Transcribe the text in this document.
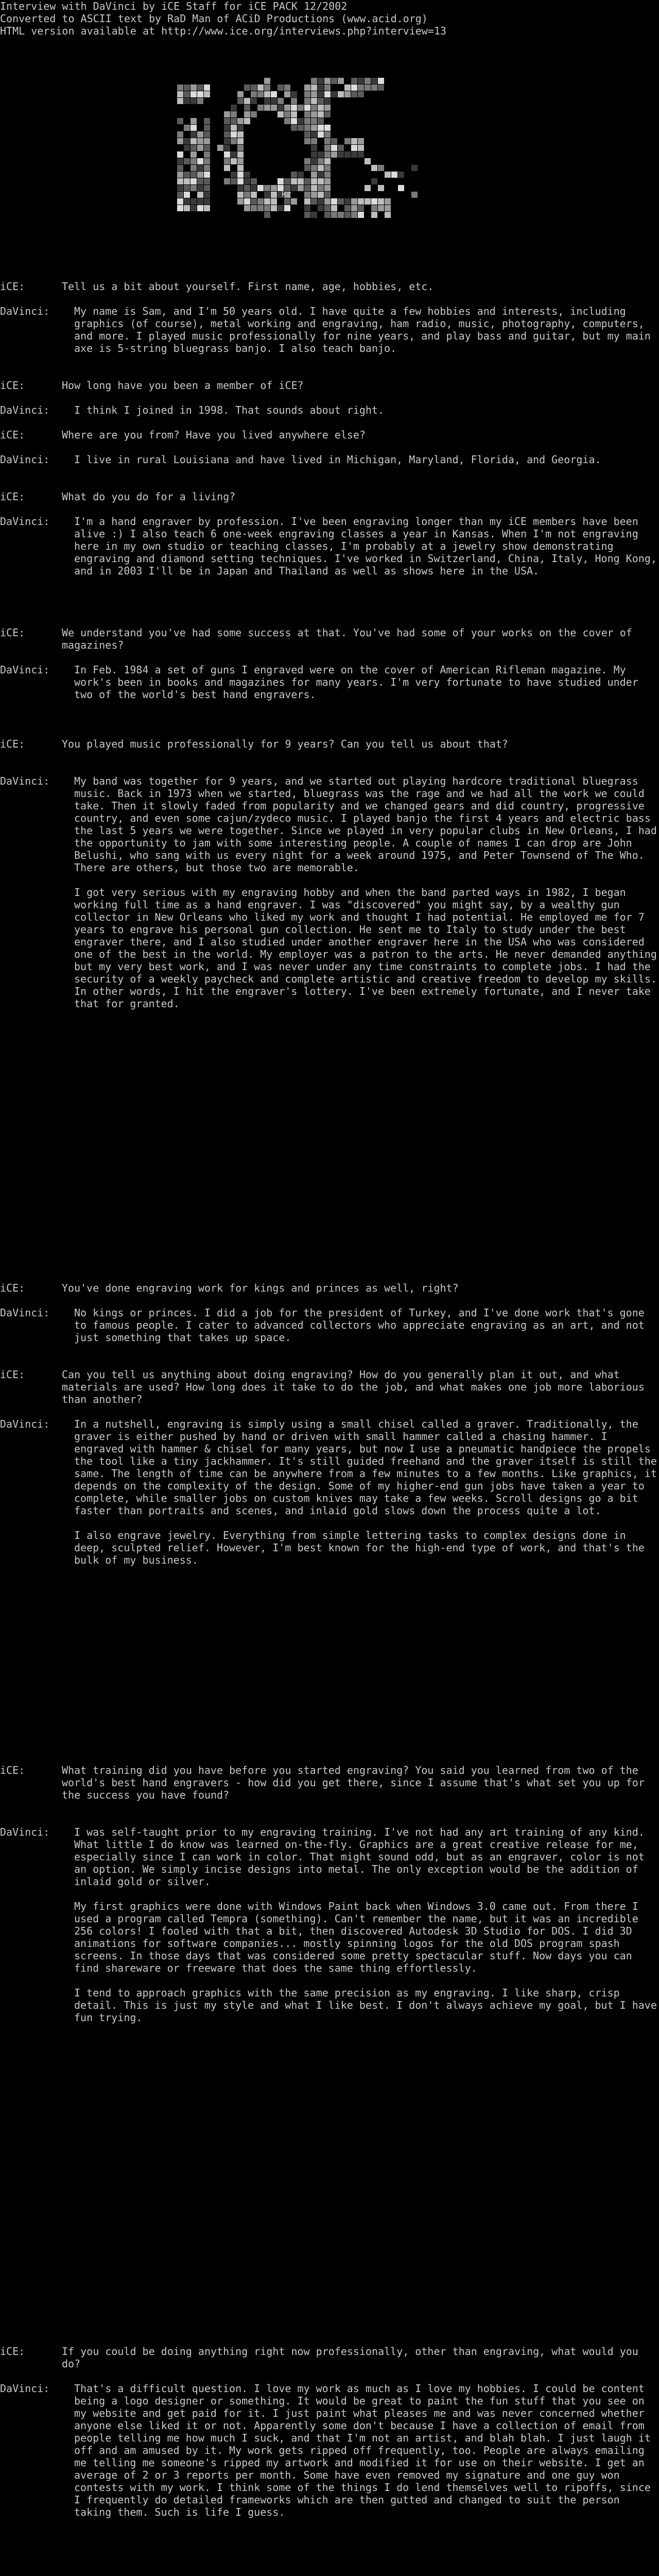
Interview with DaVinci by iCE Staff for iCE PACK 12/2002
Converted to ASCII text by RaD Man of ACiD Productions (www.acid.org)
HTML version available at http://www.ice.org/interviews.php?interview=13
kz
iCE:	Tell us a bit about yourself. First name, age, hobbies, etc.
DaVinci:	My name is Sam, and I'm 50 years old. I have quite a few hobbies and interests, including graphics (of course), metal working and engraving, ham radio, music, photography, computers, and more. I played music professionally for nine years, and play bass and guitar, but my main axe is 5-string bluegrass banjo. I also teach banjo.
iCE:	How long have you been a member of iCE?
DaVinci:	I think I joined in 1998. That sounds about right.
iCE:	Where are you from? Have you lived anywhere else?
DaVinci:	I live in rural Louisiana and have lived in Michigan, Maryland, Florida, and Georgia.
iCE:	What do you do for a living?
DaVinci:	I'm a hand engraver by profession. I've been engraving longer than my iCE members have been alive :) I also teach 6 one-week engraving classes a year in Kansas. When I'm not engraving here in my own studio or teaching classes, I'm probably at a jewelry show demonstrating engraving and diamond setting techniques. I've worked in Switzerland, China, Italy, Hong Kong, and in 2003 I'll be in Japan and Thailand as well as shows here in the USA.
iCE:	We understand you've had some success at that. You've had some of your works on the cover of magazines?
DaVinci:	In Feb. 1984 a set of guns I engraved were on the cover of American Rifleman magazine. My work's been in books and magazines for many years. I'm very fortunate to have studied under two of the world's best hand engravers.
iCE:	You played music professionally for 9 years? Can you tell us about that?
DaVinci:	My band was together for 9 years, and we started out playing hardcore traditional bluegrass music. Back in 1973 when we started, bluegrass was the rage and we had all the work we could take. Then it slowly faded from popularity and we changed gears and did country, progressive country, and even some cajun/zydeco music. I played banjo the first 4 years and electric bass the last 5 years we were together. Since we played in very popular clubs in New Orleans, I had the opportunity to jam with some interesting people. A couple of names I can drop are John Belushi, who sang with us every night for a week around 1975, and Peter Townsend of The Who. There are others, but those two are memorable.
I got very serious with my engraving hobby and when the band parted ways in 1982, I began working full time as a hand engraver. I was "discovered" you might say, by a wealthy gun collector in New Orleans who liked my work and thought I had potential. He employed me for 7 years to engrave his personal gun collection. He sent me to Italy to study under the best engraver there, and I also studied under another engraver here in the USA who was considered one of the best in the world. My employer was a patron to the arts. He never demanded anything but my very best work, and I was never under any time constraints to complete jobs. I had the security of a weekly paycheck and complete artistic and creative freedom to develop my skills. In other words, I hit the engraver's lottery. I've been extremely fortunate, and I never take that for granted.
iCE:	You've done engraving work for kings and princes as well, right?
DaVinci:	No kings or princes. I did a job for the president of Turkey, and I've done work that's gone to famous people. I cater to advanced collectors who appreciate engraving as an art, and not just something that takes up space.
iCE:	Can you tell us anything about doing engraving? How do you generally plan it out, and what materials are used? How long does it take to do the job, and what makes one job more laborious than another?
DaVinci:	In a nutshell, engraving is simply using a small chisel called a graver. Traditionally, the graver is either pushed by hand or driven with small hammer called a chasing hammer. I engraved with hammer & chisel for many years, but now I use a pneumatic handpiece the propels the tool like a tiny jackhammer. It's still guided freehand and the graver itself is still the same. The length of time can be anywhere from a few minutes to a few months. Like graphics, it depends on the complexity of the design. Some of my higher-end gun jobs have taken a year to complete, while smaller jobs on custom knives may take a few weeks. Scroll designs go a bit faster than portraits and scenes, and inlaid gold slows down the process quite a lot.
I also engrave jewelry. Everything from simple lettering tasks to complex designs done in deep, sculpted relief. However, I'm best known for the high-end type of work, and that's the bulk of my business.
iCE:	What training did you have before you started engraving? You said you learned from two of the world's best hand engravers - how did you get there, since I assume that's what set you up for the success you have found?
DaVinci:	I was self-taught prior to my engraving training. I've not had any art training of any kind. What little I do know was learned on-the-fly. Graphics are a great creative release for me, especially since I can work in color. That might sound odd, but as an engraver, color is not an option. We simply incise designs into metal. The only exception would be the addition of inlaid gold or silver.
My first graphics were done with Windows Paint back when Windows 3.0 came out. From there I used a program called Tempra (something). Can't remember the name, but it was an incredible 256 colors! I fooled with that a bit, then discovered Autodesk 3D Studio for DOS. I did 3D animations for software companies... mostly spinning logos for the old DOS program spash screens. In those days that was considered some pretty spectacular stuff. Now days you can find shareware or freeware that does the same thing effortlessly.
I tend to approach graphics with the same precision as my engraving. I like sharp, crisp detail. This is just my style and what I like best. I don't always achieve my goal, but I have fun trying.
iCE:	If you could be doing anything right now professionally, other than engraving, what would you do?
DaVinci:	That's a difficult question. I love my work as much as I love my hobbies. I could be content being a logo designer or something. It would be great to paint the fun stuff that you see on my website and get paid for it. I just paint what pleases me and was never concerned whether anyone else liked it or not. Apparently some don't because I have a collection of email from people telling me how much I suck, and that I'm not an artist, and blah blah. I just laugh it off and am amused by it. My work gets ripped off frequently, too. People are always emailing me telling me someone's ripped my artwork and modified it for use on their website. I get an average of 2 or 3 reports per month. Some have even removed my signature and one guy won contests with my work. I think some of the things I do lend themselves well to ripoffs, since I frequently do detailed frameworks which are then gutted and changed to suit the person taking them. Such is life I guess.
